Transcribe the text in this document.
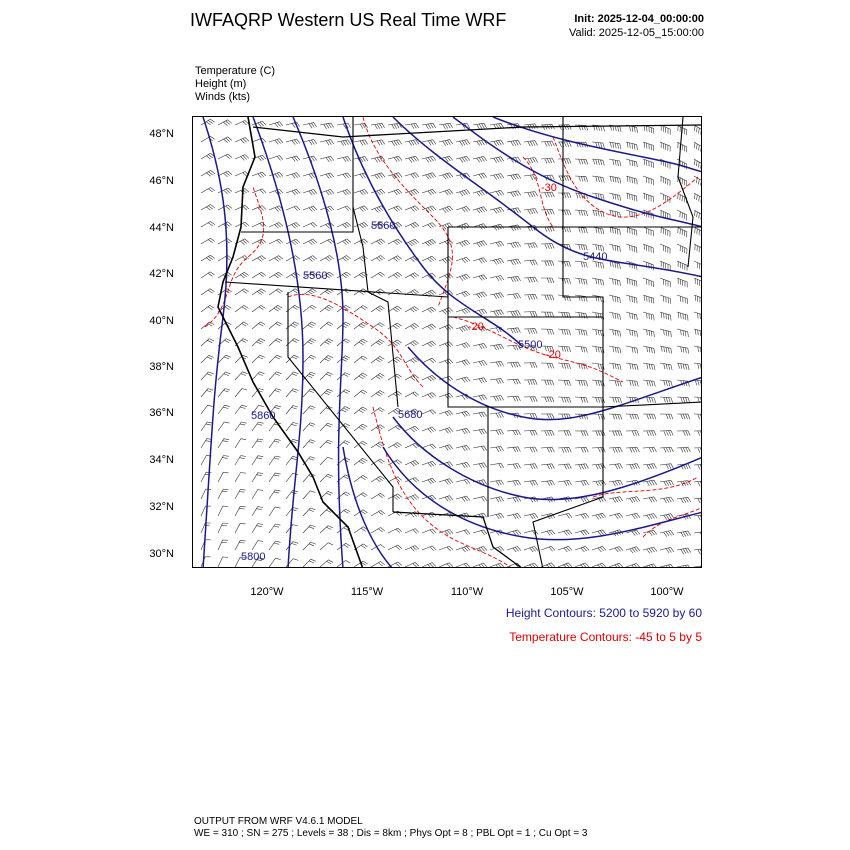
IWFAQRP Western US Real Time WRF	Init: 2025-12-04_00:00:00
Valid: 2025-12-05_15:00:00
Temperature (C)
Height (m)
Winds (kts)
5560
5560
5440
5500
5860	5680
5800
-30
-20
-20
48°N
46°N
44°N
42°N
40°N
38°N
36°N
34°N
32°N
30°N
120°W	115°W	110°W	105°W	100°W
Height Contours: 5200 to 5920 by 60
Temperature Contours: -45 to 5 by 5
OUTPUT FROM WRF V4.6.1 MODEL
WE = 310 ; SN = 275 ; Levels = 38 ; Dis = 8km ; Phys Opt = 8 ; PBL Opt = 1 ; Cu Opt = 3
